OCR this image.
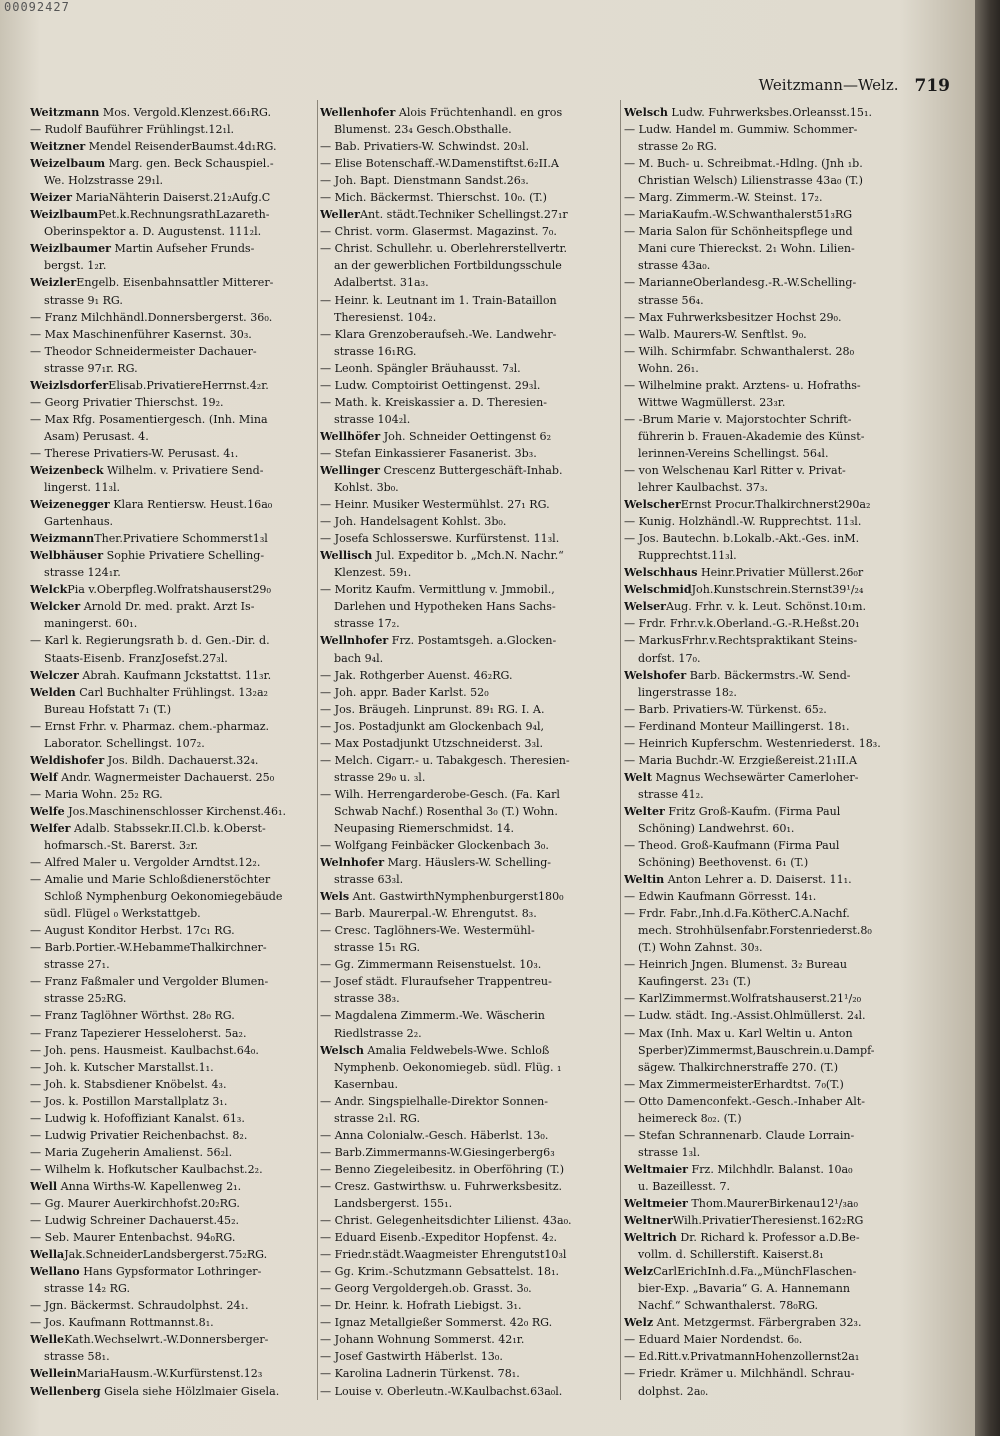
00092427
Weitzmann—Welz. 719
Weitzmann Mos. Vergold.Klenzest.66₁RG.
— Rudolf Bauführer Frühlingst.12₁l.
Weitzner Mendel ReisenderBaumst.4d₁RG.
Weizelbaum Marg. gen. Beck Schauspiel.-
We. Holzstrasse 29₁l.
Weizer MariaNähterin Daiserst.21₂Aufg.C
WeizlbaumPet.k.RechnungsrathLazareth-
Oberinspektor a. D. Augustenst. 111₂l.
Weizlbaumer Martin Aufseher Frunds-
bergst. 1₂r.
WeizlerEngelb. Eisenbahnsattler Mitterer-
strasse 9₁ RG.
— Franz Milchhändl.Donnersbergerst. 36₀.
— Max Maschinenführer Kasernst. 30₃.
— Theodor Schneidermeister Dachauer-
strasse 97₁r. RG.
WeizlsdorferElisab.PrivatiereHerrnst.4₂r.
— Georg Privatier Thierschst. 19₂.
— Max Rfg. Posamentiergesch. (Inh. Mina
Asam) Perusast. 4.
— Therese Privatiers-W. Perusast. 4₁.
Weizenbeck Wilhelm. v. Privatiere Send-
lingerst. 11₃l.
Weizenegger Klara Rentiersw. Heust.16a₀
Gartenhaus.
WeizmannTher.Privatiere Schommerst1₃l
Welbhäuser Sophie Privatiere Schelling-
strasse 124₁r.
WelckPia v.Oberpfleg.Wolfratshauserst29₀
Welcker Arnold Dr. med. prakt. Arzt Is-
maningerst. 60₁.
— Karl k. Regierungsrath b. d. Gen.-Dir. d.
Staats-Eisenb. FranzJosefst.27₃l.
Welczer Abrah. Kaufmann Jckstattst. 11₃r.
Welden Carl Buchhalter Frühlingst. 13₂a₂
Bureau Hofstatt 7₁ (T.)
— Ernst Frhr. v. Pharmaz. chem.-pharmaz.
Laborator. Schellingst. 107₂.
Weldishofer Jos. Bildh. Dachauerst.32₄.
Welf Andr. Wagnermeister Dachauerst. 25₀
— Maria Wohn. 25₂ RG.
Welfe Jos.Maschinenschlosser Kirchenst.46₁.
Welfer Adalb. Stabssekr.II.Cl.b. k.Oberst-
hofmarsch.-St. Barerst. 3₂r.
— Alfred Maler u. Vergolder Arndtst.12₂.
— Amalie und Marie Schloßdienerstöchter
Schloß Nymphenburg Oekonomiegebäude
südl. Flügel ₀ Werkstattgeb.
— August Konditor Herbst. 17c₁ RG.
— Barb.Portier.-W.HebammeThalkirchner-
strasse 27₁.
— Franz Faßmaler und Vergolder Blumen-
strasse 25₂RG.
— Franz Taglöhner Wörthst. 28₀ RG.
— Franz Tapezierer Hesseloherst. 5a₂.
— Joh. pens. Hausmeist. Kaulbachst.64₀.
— Joh. k. Kutscher Marstallst.1₁.
— Joh. k. Stabsdiener Knöbelst. 4₃.
— Jos. k. Postillon Marstallplatz 3₁.
— Ludwig k. Hofoffiziant Kanalst. 61₃.
— Ludwig Privatier Reichenbachst. 8₂.
— Maria Zugeherin Amalienst. 56₂l.
— Wilhelm k. Hofkutscher Kaulbachst.2₂.
Well Anna Wirths-W. Kapellenweg 2₁.
— Gg. Maurer Auerkirchhofst.20₂RG.
— Ludwig Schreiner Dachauerst.45₂.
— Seb. Maurer Entenbachst. 94₀RG.
WellaJak.SchneiderLandsbergerst.75₂RG.
Wellano Hans Gypsformator Lothringer-
strasse 14₂ RG.
— Jgn. Bäckermst. Schraudolphst. 24₁.
— Jos. Kaufmann Rottmannst.8₁.
WelleKath.Wechselwrt.-W.Donnersberger-
strasse 58₁.
WelleinMariaHausm.-W.Kurfürstenst.12₃
Wellenberg Gisela siehe Hölzlmaier Gisela.
Wellenhofer Alois Früchtenhandl. en gros
Blumenst. 23₄ Gesch.Obsthalle.
— Bab. Privatiers-W. Schwindst. 20₃l.
— Elise Botenschaff.-W.Damenstiftst.6₂II.A
— Joh. Bapt. Dienstmann Sandst.26₃.
— Mich. Bäckermst. Thierschst. 10₀. (T.)
WellerAnt. städt.Techniker Schellingst.27₁r
— Christ. vorm. Glasermst. Magazinst. 7₀.
— Christ. Schullehr. u. Oberlehrerstellvertr.
an der gewerblichen Fortbildungsschule
Adalbertst. 31a₃.
— Heinr. k. Leutnant im 1. Train-Bataillon
Theresienst. 104₂.
— Klara Grenzoberaufseh.-We. Landwehr-
strasse 16₁RG.
— Leonh. Spängler Bräuhausst. 7₃l.
— Ludw. Comptoirist Oettingenst. 29₃l.
— Math. k. Kreiskassier a. D. Theresien-
strasse 104₂l.
Wellhöfer Joh. Schneider Oettingenst 6₂
— Stefan Einkassierer Fasanerist. 3b₃.
Wellinger Crescenz Buttergeschäft-Inhab.
Kohlst. 3b₀.
— Heinr. Musiker Westermühlst. 27₁ RG.
— Joh. Handelsagent Kohlst. 3b₀.
— Josefa Schlosserswe. Kurfürstenst. 11₃l.
Wellisch Jul. Expeditor b. „Mch.N. Nachr.“
Klenzest. 59₁.
— Moritz Kaufm. Vermittlung v. Jmmobil.,
Darlehen und Hypotheken Hans Sachs-
strasse 17₂.
Wellnhofer Frz. Postamtsgeh. a.Glocken-
bach 9₄l.
— Jak. Rothgerber Auenst. 46₂RG.
— Joh. appr. Bader Karlst. 52₀
— Jos. Bräugeh. Linprunst. 89₁ RG. I. A.
— Jos. Postadjunkt am Glockenbach 9₄l,
— Max Postadjunkt Utzschneiderst. 3₃l.
— Melch. Cigarr.- u. Tabakgesch. Theresien-
strasse 29₀ u. ₃l.
— Wilh. Herrengarderobe-Gesch. (Fa. Karl
Schwab Nachf.) Rosenthal 3₀ (T.) Wohn.
Neupasing Riemerschmidst. 14.
— Wolfgang Feinbäcker Glockenbach 3₀.
Welnhofer Marg. Häuslers-W. Schelling-
strasse 63₃l.
Wels Ant. GastwirthNymphenburgerst180₀
— Barb. Maurerpal.-W. Ehrengutst. 8₃.
— Cresc. Taglöhners-We. Westermühl-
strasse 15₁ RG.
— Gg. Zimmermann Reisenstuelst. 10₃.
— Josef städt. Fluraufseher Trappentreu-
strasse 38₃.
— Magdalena Zimmerm.-We. Wäscherin
Riedlstrasse 2₂.
Welsch Amalia Feldwebels-Wwe. Schloß
Nymphenb. Oekonomiegeb. südl. Flüg. ₁
Kasernbau.
— Andr. Singspielhalle-Direktor Sonnen-
strasse 2₁l. RG.
— Anna Colonialw.-Gesch. Häberlst. 13₀.
— Barb.Zimmermanns-W.Giesingerberg6₃
— Benno Ziegeleibesitz. in Oberföhring (T.)
— Cresz. Gastwirthsw. u. Fuhrwerksbesitz.
Landsbergerst. 155₁.
— Christ. Gelegenheitsdichter Lilienst. 43a₀.
— Eduard Eisenb.-Expeditor Hopfenst. 4₂.
— Friedr.städt.Waagmeister Ehrengutst10₃l
— Gg. Krim.-Schutzmann Gebsattelst. 18₁.
— Georg Vergoldergeh.ob. Grasst. 3₀.
— Dr. Heinr. k. Hofrath Liebigst. 3₁.
— Ignaz Metallgießer Sommerst. 42₀ RG.
— Johann Wohnung Sommerst. 42₁r.
— Josef Gastwirth Häberlst. 13₀.
— Karolina Ladnerin Türkenst. 78₁.
— Louise v. Oberleutn.-W.Kaulbachst.63a₀l.
Welsch Ludw. Fuhrwerksbes.Orleansst.15₁.
— Ludw. Handel m. Gummiw. Schommer-
strasse 2₀ RG.
— M. Buch- u. Schreibmat.-Hdlng. (Jnh ₁b.
Christian Welsch) Lilienstrasse 43a₀ (T.)
— Marg. Zimmerm.-W. Steinst. 17₂.
— MariaKaufm.-W.Schwanthalerst51₃RG
— Maria Salon für Schönheitspflege und
Mani cure Thiereckst. 2₁ Wohn. Lilien-
strasse 43a₀.
— MarianneOberlandesg.-R.-W.Schelling-
strasse 56₄.
— Max Fuhrwerksbesitzer Hochst 29₀.
— Walb. Maurers-W. Senftlst. 9₀.
— Wilh. Schirmfabr. Schwanthalerst. 28₀
Wohn. 26₁.
— Wilhelmine prakt. Arztens- u. Hofraths-
Wittwe Wagmüllerst. 23₃r.
— -Brum Marie v. Majorstochter Schrift-
führerin b. Frauen-Akademie des Künst-
lerinnen-Vereins Schellingst. 56₄l.
— von Welschenau Karl Ritter v. Privat-
lehrer Kaulbachst. 37₃.
WelscherErnst Procur.Thalkirchnerst290a₂
— Kunig. Holzhändl.-W. Rupprechtst. 11₃l.
— Jos. Bautechn. b.Lokalb.-Akt.-Ges. inM.
Rupprechtst.11₃l.
Welschhaus Heinr.Privatier Müllerst.26₀r
WelschmidJoh.Kunstschrein.Sternst39¹/₂₄
WelserAug. Frhr. v. k. Leut. Schönst.10₁m.
— Frdr. Frhr.v.k.Oberland.-G.-R.Heßst.20₁
— MarkusFrhr.v.Rechtspraktikant Steins-
dorfst. 17₀.
Welshofer Barb. Bäckermstrs.-W. Send-
lingerstrasse 18₂.
— Barb. Privatiers-W. Türkenst. 65₂.
— Ferdinand Monteur Maillingerst. 18₁.
— Heinrich Kupferschm. Westenriederst. 18₃.
— Maria Buchdr.-W. Erzgießereist.21₁II.A
Welt Magnus Wechsewärter Camerloher-
strasse 41₂.
Welter Fritz Groß-Kaufm. (Firma Paul
Schöning) Landwehrst. 60₁.
— Theod. Groß-Kaufmann (Firma Paul
Schöning) Beethovenst. 6₁ (T.)
Weltin Anton Lehrer a. D. Daiserst. 11₁.
— Edwin Kaufmann Görresst. 14₁.
— Frdr. Fabr.,Inh.d.Fa.KötherC.A.Nachf.
mech. Strohhülsenfabr.Forstenriederst.8₀
(T.) Wohn Zahnst. 30₃.
— Heinrich Jngen. Blumenst. 3₂ Bureau
Kaufingerst. 23₁ (T.)
— KarlZimmermst.Wolfratshauserst.21¹/₂₀
— Ludw. städt. Ing.-Assist.Ohlmüllerst. 2₄l.
— Max (Inh. Max u. Karl Weltin u. Anton
Sperber)Zimmermst,Bauschrein.u.Dampf-
sägew. Thalkirchnerstraffe 270. (T.)
— Max ZimmermeisterErhardtst. 7₀(T.)
— Otto Damenconfekt.-Gesch.-Inhaber Alt-
heimereck 8₀₂. (T.)
— Stefan Schrannenarb. Claude Lorrain-
strasse 1₃l.
Weltmaier Frz. Milchhdlr. Balanst. 10a₀
u. Bazeillesst. 7.
Weltmeier Thom.MaurerBirkenau12¹/₃a₀
WeltnerWilh.PrivatierTheresienst.162₂RG
Weltrich Dr. Richard k. Professor a.D.Be-
vollm. d. Schillerstift. Kaiserst.8₁
WelzCarlErichInh.d.Fa.„MünchFlaschen-
bier-Exp. „Bavaria“ G. A. Hannemann
Nachf.“ Schwanthalerst. 78₀RG.
Welz Ant. Metzgermst. Färbergraben 32₃.
— Eduard Maier Nordendst. 6₀.
— Ed.Ritt.v.PrivatmannHohenzollernst2a₁
— Friedr. Krämer u. Milchhändl. Schrau-
dolphst. 2a₀.
